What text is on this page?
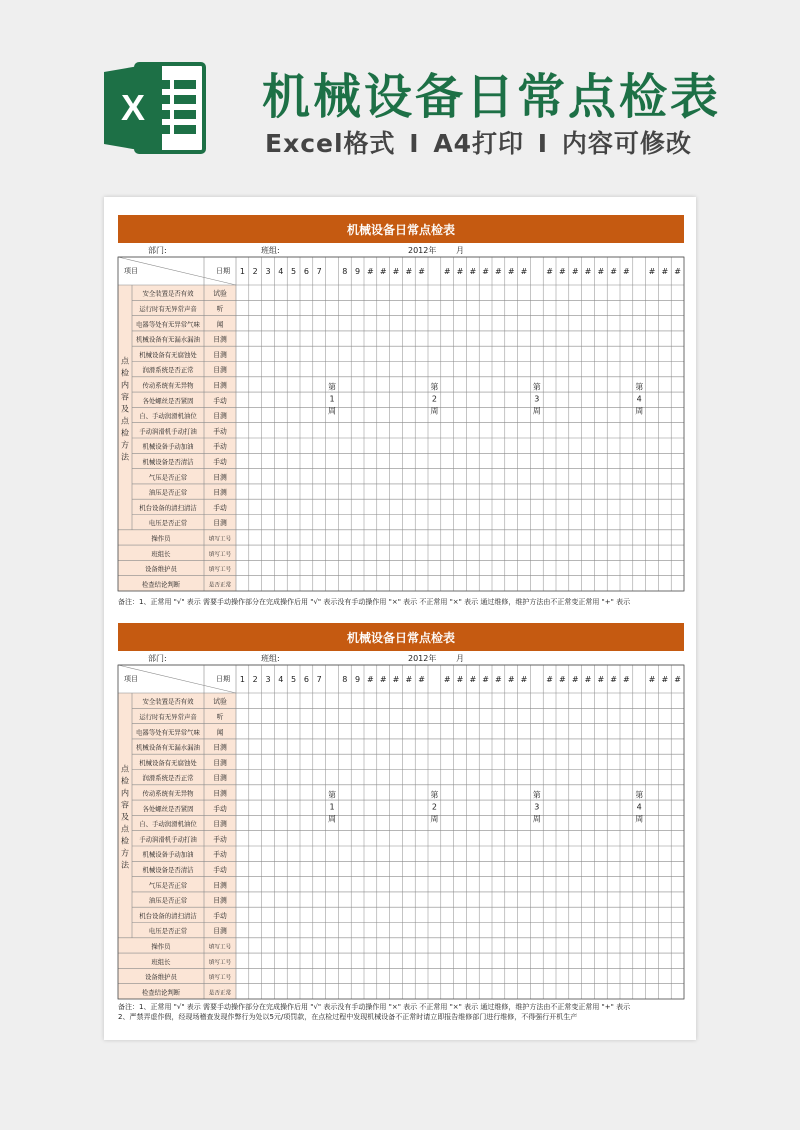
X 机械设备日常点检表
Excel格式 I A4打印 I 内容可修改
机械设备日常点检表
部门:	班组:	2012年 月
项目	日期 1 2 3 4 5 6 7	8 9 # # # # # # # # # # # # # # # # # # # # # #
点
检
内
容
及
点
检
方
法
安全装置是否有效	试验
运行时有无异常声音	听
电器等处有无异常气味 闻
机械设备有无漏水漏油 目测
机械设备有无腐蚀处 目测
润滑系统是否正常	目测
传动系统有无异物	目测
各处螺丝是否紧固	手动
自、手动润滑机油位 目测
手动润滑机手动打油 手动
机械设备手动加油	手动
机械设备是否清洁	手动
气压是否正常	目测
油压是否正常	目测
机台设备的清扫清洁 手动
电压是否正常	目测
操作员	填写工号
班组长	填写工号
设备维护员	填写工号
检查结论判断	是否正常
第
1
周
第
2
周
第
3
周
第
4
周
备注：1、正常用 "√" 表示 需要手动操作部分在完成操作后用 "√" 表示没有手动操作用 "×" 表示 不正常用 "×" 表示 通过维修，维护方法由不正常变正常用 "+" 表示
机械设备日常点检表
部门:	班组:	2012年 月
项目	日期 1 2 3 4 5 6 7	8 9 # # # # # # # # # # # # # # # # # # # # # #
点
检
内
容
及
点
检
方
法
安全装置是否有效	试验
运行时有无异常声音	听
电器等处有无异常气味 闻
机械设备有无漏水漏油 目测
机械设备有无腐蚀处 目测
润滑系统是否正常	目测
传动系统有无异物	目测
各处螺丝是否紧固	手动
自、手动润滑机油位 目测
手动润滑机手动打油 手动
机械设备手动加油	手动
机械设备是否清洁	手动
气压是否正常	目测
油压是否正常	目测
机台设备的清扫清洁 手动
电压是否正常	目测
操作员	填写工号
班组长	填写工号
设备维护员	填写工号
检查结论判断	是否正常
第
1
周
第
2
周
第
3
周
第
4
周
备注：1、正常用 "√" 表示 需要手动操作部分在完成操作后用 "√" 表示没有手动操作用 "×" 表示 不正常用 "×" 表示 通过维修，维护方法由不正常变正常用 "+" 表示
2、严禁弄虚作假，经现场稽查发现作弊行为处以5元/项罚款，在点检过程中发现机械设备不正常时请立即报告维修部门进行维修，不得强行开机生产
